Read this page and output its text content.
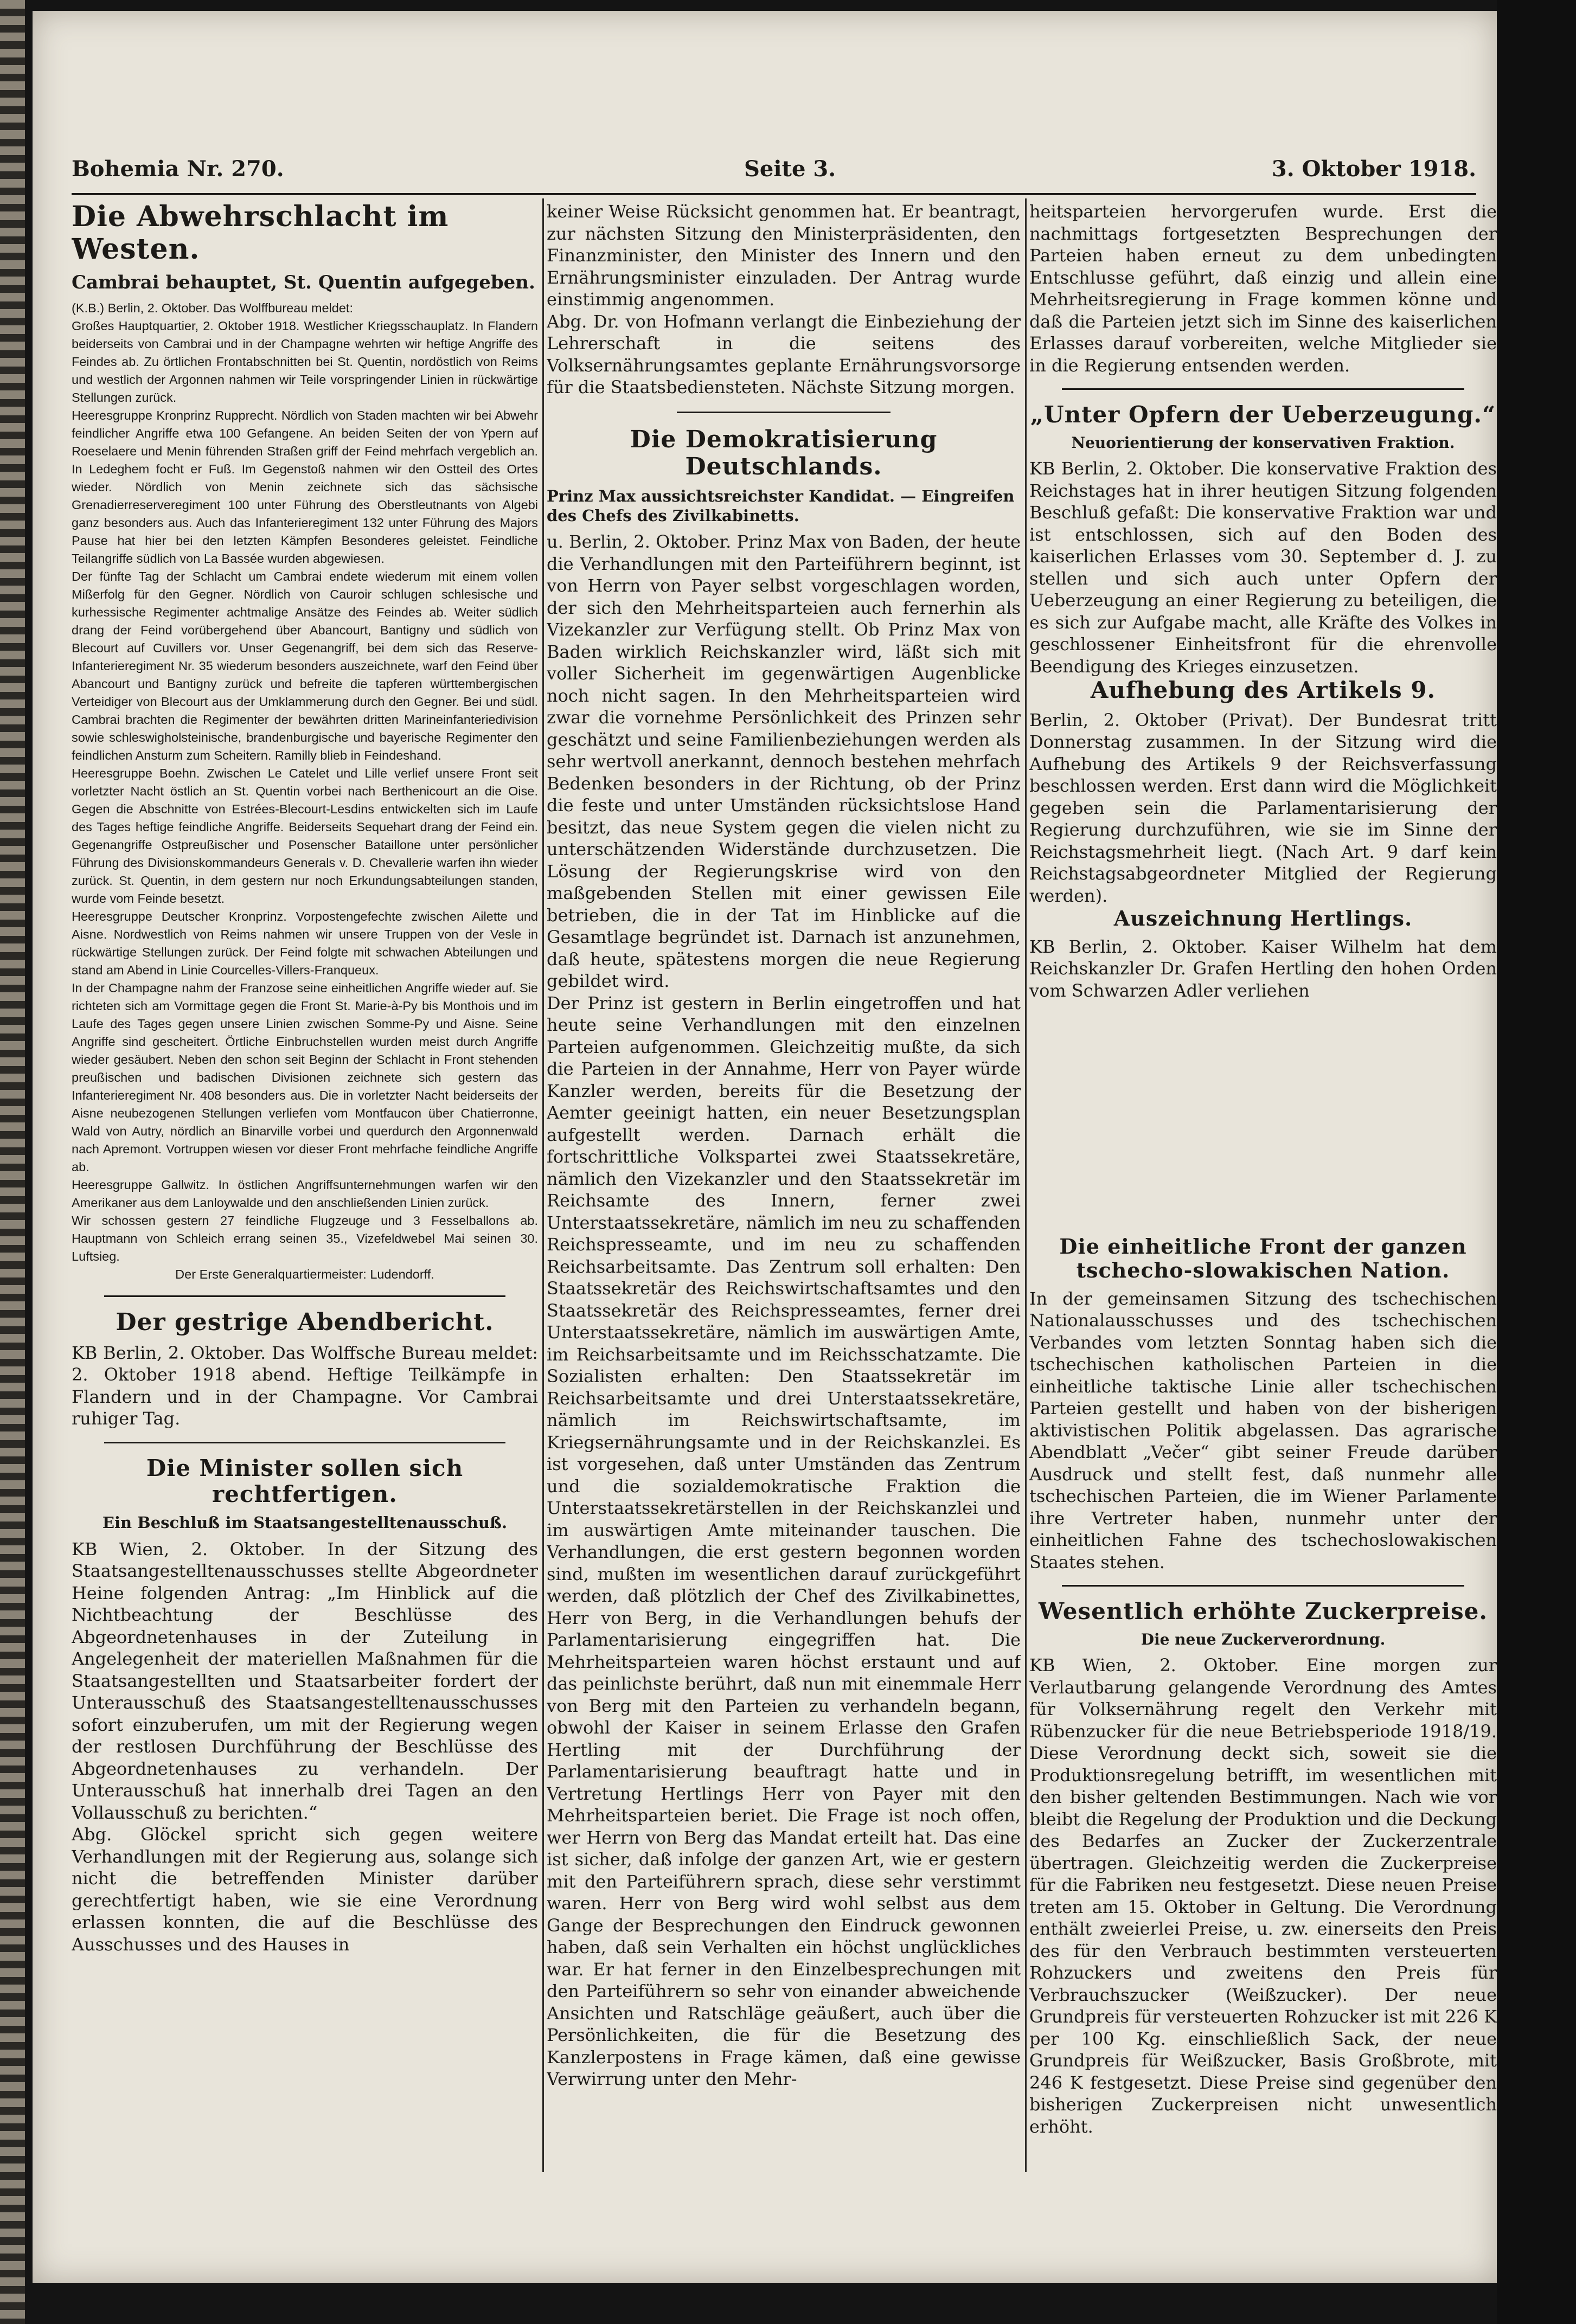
Bohemia Nr. 270.	Seite 3.	3. Oktober 1918.
Die Abwehrschlacht im Westen.
Cambrai behauptet, St. Quentin aufgegeben.

(K.B.) Berlin, 2. Oktober. Das Wolffbureau meldet:

Großes Hauptquartier, 2. Oktober 1918. Westlicher Kriegsschauplatz. In Flandern beiderseits von Cambrai und in der Champagne wehrten wir heftige Angriffe des Feindes ab. Zu örtlichen Frontabschnitten bei St. Quentin, nordöstlich von Reims und westlich der Argonnen nahmen wir Teile vorspringender Linien in rückwärtige Stellungen zurück.

Heeresgruppe Kronprinz Rupprecht. Nördlich von Staden machten wir bei Abwehr feindlicher Angriffe etwa 100 Gefangene. An beiden Seiten der von Ypern auf Roeselaere und Menin führenden Straßen griff der Feind mehrfach vergeblich an. In Ledeghem focht er Fuß. Im Gegenstoß nahmen wir den Ostteil des Ortes wieder. Nördlich von Menin zeichnete sich das sächsische Grenadierreserveregiment 100 unter Führung des Oberstleutnants von Algebi ganz besonders aus. Auch das Infanterieregiment 132 unter Führung des Majors Pause hat hier bei den letzten Kämpfen Besonderes geleistet. Feindliche Teilangriffe südlich von La Bassée wurden abgewiesen.

Der fünfte Tag der Schlacht um Cambrai endete wiederum mit einem vollen Mißerfolg für den Gegner. Nördlich von Cauroir schlugen schlesische und kurhessische Regimenter achtmalige Ansätze des Feindes ab. Weiter südlich drang der Feind vorübergehend über Abancourt, Bantigny und südlich von Blecourt auf Cuvillers vor. Unser Gegenangriff, bei dem sich das Reserve-Infanterieregiment Nr. 35 wiederum besonders auszeichnete, warf den Feind über Abancourt und Bantigny zurück und befreite die tapferen württembergischen Verteidiger von Blecourt aus der Umklammerung durch den Gegner. Bei und südl. Cambrai brachten die Regimenter der bewährten dritten Marineinfanteriedivision sowie schleswigholsteinische, brandenburgische und bayerische Regimenter den feindlichen Ansturm zum Scheitern. Ramilly blieb in Feindeshand.

Heeresgruppe Boehn. Zwischen Le Catelet und Lille verlief unsere Front seit vorletzter Nacht östlich an St. Quentin vorbei nach Berthenicourt an die Oise. Gegen die Abschnitte von Estrées-Blecourt-Lesdins entwickelten sich im Laufe des Tages heftige feindliche Angriffe. Beiderseits Sequehart drang der Feind ein. Gegenangriffe Ostpreußischer und Posenscher Bataillone unter persönlicher Führung des Divisionskommandeurs Generals v. D. Chevallerie warfen ihn wieder zurück. St. Quentin, in dem gestern nur noch Erkundungsabteilungen standen, wurde vom Feinde besetzt.

Heeresgruppe Deutscher Kronprinz. Vorpostengefechte zwischen Ailette und Aisne. Nordwestlich von Reims nahmen wir unsere Truppen von der Vesle in rückwärtige Stellungen zurück. Der Feind folgte mit schwachen Abteilungen und stand am Abend in Linie Courcelles-Villers-Franqueux.

In der Champagne nahm der Franzose seine einheitlichen Angriffe wieder auf. Sie richteten sich am Vormittage gegen die Front St. Marie-à-Py bis Monthois und im Laufe des Tages gegen unsere Linien zwischen Somme-Py und Aisne. Seine Angriffe sind gescheitert. Örtliche Einbruchstellen wurden meist durch Angriffe wieder gesäubert. Neben den schon seit Beginn der Schlacht in Front stehenden preußischen und badischen Divisionen zeichnete sich gestern das Infanterieregiment Nr. 408 besonders aus. Die in vorletzter Nacht beiderseits der Aisne neubezogenen Stellungen verliefen vom Montfaucon über Chatierronne, Wald von Autry, nördlich an Binarville vorbei und querdurch den Argonnenwald nach Apremont. Vortruppen wiesen vor dieser Front mehrfache feindliche Angriffe ab.

Heeresgruppe Gallwitz. In östlichen Angriffsunternehmungen warfen wir den Amerikaner aus dem Lanloywalde und den anschließenden Linien zurück.

Wir schossen gestern 27 feindliche Flugzeuge und 3 Fesselballons ab. Hauptmann von Schleich errang seinen 35., Vizefeldwebel Mai seinen 30. Luftsieg.

Der Erste Generalquartiermeister: Ludendorff.

Der gestrige Abendbericht.

KB Berlin, 2. Oktober. Das Wolffsche Bureau meldet: 2. Oktober 1918 abend. Heftige Teilkämpfe in Flandern und in der Champagne. Vor Cambrai ruhiger Tag.

Die Minister sollen sich rechtfertigen.
Ein Beschluß im Staatsangestelltenausschuß.

KB Wien, 2. Oktober. In der Sitzung des Staatsangestelltenausschusses stellte Abgeordneter Heine folgenden Antrag: „Im Hinblick auf die Nichtbeachtung der Beschlüsse des Abgeordnetenhauses in der Zuteilung in Angelegenheit der materiellen Maßnahmen für die Staatsangestellten und Staatsarbeiter fordert der Unterausschuß des Staatsangestelltenausschusses sofort einzuberufen, um mit der Regierung wegen der restlosen Durchführung der Beschlüsse des Abgeordnetenhauses zu verhandeln. Der Unterausschuß hat innerhalb drei Tagen an den Vollausschuß zu berichten.“

Abg. Glöckel spricht sich gegen weitere Verhandlungen mit der Regierung aus, solange sich nicht die betreffenden Minister darüber gerechtfertigt haben, wie sie eine Verordnung erlassen konnten, die auf die Beschlüsse des Ausschusses und des Hauses in

keiner Weise Rücksicht genommen hat. Er beantragt, zur nächsten Sitzung den Ministerpräsidenten, den Finanzminister, den Minister des Innern und den Ernährungsminister einzuladen. Der Antrag wurde einstimmig angenommen.

Abg. Dr. von Hofmann verlangt die Einbeziehung der Lehrerschaft in die seitens des Volksernährungsamtes geplante Ernährungsvorsorge für die Staatsbediensteten. Nächste Sitzung morgen.

Die Demokratisierung Deutschlands.
Prinz Max aussichtsreichster Kandidat. — Eingreifen des Chefs des Zivilkabinetts.

u. Berlin, 2. Oktober. Prinz Max von Baden, der heute die Verhandlungen mit den Parteiführern beginnt, ist von Herrn von Payer selbst vorgeschlagen worden, der sich den Mehrheitsparteien auch fernerhin als Vizekanzler zur Verfügung stellt. Ob Prinz Max von Baden wirklich Reichskanzler wird, läßt sich mit voller Sicherheit im gegenwärtigen Augenblicke noch nicht sagen. In den Mehrheitsparteien wird zwar die vornehme Persönlichkeit des Prinzen sehr geschätzt und seine Familienbeziehungen werden als sehr wertvoll anerkannt, dennoch bestehen mehrfach Bedenken besonders in der Richtung, ob der Prinz die feste und unter Umständen rücksichtslose Hand besitzt, das neue System gegen die vielen nicht zu unterschätzenden Widerstände durchzusetzen. Die Lösung der Regierungskrise wird von den maßgebenden Stellen mit einer gewissen Eile betrieben, die in der Tat im Hinblicke auf die Gesamtlage begründet ist. Darnach ist anzunehmen, daß heute, spätestens morgen die neue Regierung gebildet wird.

Der Prinz ist gestern in Berlin eingetroffen und hat heute seine Verhandlungen mit den einzelnen Parteien aufgenommen. Gleichzeitig mußte, da sich die Parteien in der Annahme, Herr von Payer würde Kanzler werden, bereits für die Besetzung der Aemter geeinigt hatten, ein neuer Besetzungsplan aufgestellt werden. Darnach erhält die fortschrittliche Volkspartei zwei Staatssekretäre, nämlich den Vizekanzler und den Staatssekretär im Reichsamte des Innern, ferner zwei Unterstaatssekretäre, nämlich im neu zu schaffenden Reichspresseamte, und im neu zu schaffenden Reichsarbeitsamte. Das Zentrum soll erhalten: Den Staatssekretär des Reichswirtschaftsamtes und den Staatssekretär des Reichspresseamtes, ferner drei Unterstaatssekretäre, nämlich im auswärtigen Amte, im Reichsarbeitsamte und im Reichsschatzamte. Die Sozialisten erhalten: Den Staatssekretär im Reichsarbeitsamte und drei Unterstaatssekretäre, nämlich im Reichswirtschaftsamte, im Kriegsernährungsamte und in der Reichskanzlei. Es ist vorgesehen, daß unter Umständen das Zentrum und die sozialdemokratische Fraktion die Unterstaatssekretärstellen in der Reichskanzlei und im auswärtigen Amte miteinander tauschen. Die Verhandlungen, die erst gestern begonnen worden sind, mußten im wesentlichen darauf zurückgeführt werden, daß plötzlich der Chef des Zivilkabinettes, Herr von Berg, in die Verhandlungen behufs der Parlamentarisierung eingegriffen hat. Die Mehrheitsparteien waren höchst erstaunt und auf das peinlichste berührt, daß nun mit einemmale Herr von Berg mit den Parteien zu verhandeln begann, obwohl der Kaiser in seinem Erlasse den Grafen Hertling mit der Durchführung der Parlamentarisierung beauftragt hatte und in Vertretung Hertlings Herr von Payer mit den Mehrheitsparteien beriet. Die Frage ist noch offen, wer Herrn von Berg das Mandat erteilt hat. Das eine ist sicher, daß infolge der ganzen Art, wie er gestern mit den Parteiführern sprach, diese sehr verstimmt waren. Herr von Berg wird wohl selbst aus dem Gange der Besprechungen den Eindruck gewonnen haben, daß sein Verhalten ein höchst unglückliches war. Er hat ferner in den Einzelbesprechungen mit den Parteiführern so sehr von einander abweichende Ansichten und Ratschläge geäußert, auch über die Persönlichkeiten, die für die Besetzung des Kanzlerpostens in Frage kämen, daß eine gewisse Verwirrung unter den Mehr-

heitsparteien hervorgerufen wurde. Erst die nachmittags fortgesetzten Besprechungen der Parteien haben erneut zu dem unbedingten Entschlusse geführt, daß einzig und allein eine Mehrheitsregierung in Frage kommen könne und daß die Parteien jetzt sich im Sinne des kaiserlichen Erlasses darauf vorbereiten, welche Mitglieder sie in die Regierung entsenden werden.

„Unter Opfern der Ueberzeugung.“
Neuorientierung der konservativen Fraktion.

KB Berlin, 2. Oktober. Die konservative Fraktion des Reichstages hat in ihrer heutigen Sitzung folgenden Beschluß gefaßt: Die konservative Fraktion war und ist entschlossen, sich auf den Boden des kaiserlichen Erlasses vom 30. September d. J. zu stellen und sich auch unter Opfern der Ueberzeugung an einer Regierung zu beteiligen, die es sich zur Aufgabe macht, alle Kräfte des Volkes in geschlossener Einheitsfront für die ehrenvolle Beendigung des Krieges einzusetzen.

Aufhebung des Artikels 9.

Berlin, 2. Oktober (Privat). Der Bundesrat tritt Donnerstag zusammen. In der Sitzung wird die Aufhebung des Artikels 9 der Reichsverfassung beschlossen werden. Erst dann wird die Möglichkeit gegeben sein die Parlamentarisierung der Regierung durchzuführen, wie sie im Sinne der Reichstagsmehrheit liegt. (Nach Art. 9 darf kein Reichstagsabgeordneter Mitglied der Regierung werden).

Auszeichnung Hertlings.

KB Berlin, 2. Oktober. Kaiser Wilhelm hat dem Reichskanzler Dr. Grafen Hertling den hohen Orden vom Schwarzen Adler verliehen

Die einheitliche Front der ganzen tschecho-slowakischen Nation.

In der gemeinsamen Sitzung des tschechischen Nationalausschusses und des tschechischen Verbandes vom letzten Sonntag haben sich die tschechischen katholischen Parteien in die einheitliche taktische Linie aller tschechischen Parteien gestellt und haben von der bisherigen aktivistischen Politik abgelassen. Das agrarische Abendblatt „Večer“ gibt seiner Freude darüber Ausdruck und stellt fest, daß nunmehr alle tschechischen Parteien, die im Wiener Parlamente ihre Vertreter haben, nunmehr unter der einheitlichen Fahne des tschechoslowakischen Staates stehen.

Wesentlich erhöhte Zuckerpreise.
Die neue Zuckerverordnung.

KB Wien, 2. Oktober. Eine morgen zur Verlautbarung gelangende Verordnung des Amtes für Volksernährung regelt den Verkehr mit Rübenzucker für die neue Betriebsperiode 1918/19. Diese Verordnung deckt sich, soweit sie die Produktionsregelung betrifft, im wesentlichen mit den bisher geltenden Bestimmungen. Nach wie vor bleibt die Regelung der Produktion und die Deckung des Bedarfes an Zucker der Zuckerzentrale übertragen. Gleichzeitig werden die Zuckerpreise für die Fabriken neu festgesetzt. Diese neuen Preise treten am 15. Oktober in Geltung. Die Verordnung enthält zweierlei Preise, u. zw. einerseits den Preis des für den Verbrauch bestimmten versteuerten Rohzuckers und zweitens den Preis für Verbrauchszucker (Weißzucker). Der neue Grundpreis für versteuerten Rohzucker ist mit 226 K per 100 Kg. einschließlich Sack, der neue Grundpreis für Weißzucker, Basis Großbrote, mit 246 K festgesetzt. Diese Preise sind gegenüber den bisherigen Zuckerpreisen nicht unwesentlich erhöht.
